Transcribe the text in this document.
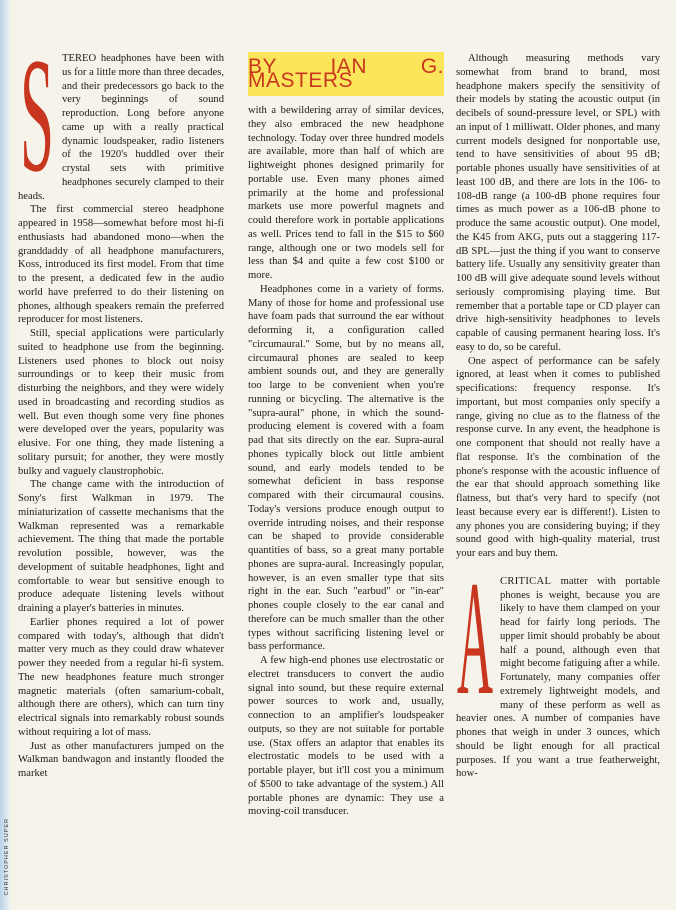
S TEREO headphones have been with us for a little more than three decades, and their predecessors go back to the very beginnings of sound reproduction. Long before anyone came up with a really practical dynamic loudspeaker, radio listeners of the 1920's huddled over their crystal sets with primitive headphones securely clamped to their heads.

The first commercial stereo headphone appeared in 1958—somewhat before most hi-fi enthusiasts had abandoned mono—when the granddaddy of all headphone manufacturers, Koss, introduced its first model. From that time to the present, a dedicated few in the audio world have preferred to do their listening on phones, although speakers remain the preferred reproducer for most listeners.

Still, special applications were particularly suited to headphone use from the beginning. Listeners used phones to block out noisy surroundings or to keep their music from disturbing the neighbors, and they were widely used in broadcasting and recording studios as well. But even though some very fine phones were developed over the years, popularity was elusive. For one thing, they made listening a solitary pursuit; for another, they were mostly bulky and vaguely claustrophobic.

The change came with the introduction of Sony's first Walkman in 1979. The miniaturization of cassette mechanisms that the Walkman represented was a remarkable achievement. The thing that made the portable revolution possible, however, was the development of suitable headphones, light and comfortable to wear but sensitive enough to produce adequate listening levels without draining a player's batteries in minutes.

Earlier phones required a lot of power compared with today's, although that didn't matter very much as they could draw whatever power they needed from a regular hi-fi system. The new headphones feature much stronger magnetic materials (often samarium-cobalt, although there are others), which can turn tiny electrical signals into remarkably robust sounds without requiring a lot of mass.

Just as other manufacturers jumped on the Walkman bandwagon and instantly flooded the market

CHRISTOPHER SUPER
BY IAN G. MASTERS

with a bewildering array of similar devices, they also embraced the new headphone technology. Today over three hundred models are available, more than half of which are lightweight phones designed primarily for portable use. Even many phones aimed primarily at the home and professional markets use more powerful magnets and could therefore work in portable applications as well. Prices tend to fall in the $15 to $60 range, although one or two models sell for less than $4 and quite a few cost $100 or more.

Headphones come in a variety of forms. Many of those for home and professional use have foam pads that surround the ear without deforming it, a configuration called "circumaural." Some, but by no means all, circumaural phones are sealed to keep ambient sounds out, and they are generally too large to be convenient when you're running or bicycling. The alternative is the "supra-aural" phone, in which the sound-producing element is covered with a foam pad that sits directly on the ear. Supra-aural phones typically block out little ambient sound, and early models tended to be somewhat deficient in bass response compared with their circumaural cousins. Today's versions produce enough output to override intruding noises, and their response can be shaped to provide considerable quantities of bass, so a great many portable phones are supra-aural. Increasingly popular, however, is an even smaller type that sits right in the ear. Such "earbud" or "in-ear" phones couple closely to the ear canal and therefore can be much smaller than the other types without sacrificing listening level or bass performance.

A few high-end phones use electrostatic or electret transducers to convert the audio signal into sound, but these require external power sources to work and, usually, connection to an amplifier's loudspeaker outputs, so they are not suitable for portable use. (Stax offers an adaptor that enables its electrostatic models to be used with a portable player, but it'll cost you a minimum of $500 to take advantage of the system.) All portable phones are dynamic: They use a moving-coil transducer.

Although measuring methods vary somewhat from brand to brand, most headphone makers specify the sensitivity of their models by stating the acoustic output (in decibels of sound-pressure level, or SPL) with an input of 1 milliwatt. Older phones, and many current models designed for nonportable use, tend to have sensitivities of about 95 dB; portable phones usually have sensitivities of at least 100 dB, and there are lots in the 106- to 108-dB range (a 100-dB phone requires four times as much power as a 106-dB phone to produce the same acoustic output). One model, the K45 from AKG, puts out a staggering 117-dB SPL—just the thing if you want to conserve battery life. Usually any sensitivity greater than 100 dB will give adequate sound levels without seriously compromising playing time. But remember that a portable tape or CD player can drive high-sensitivity headphones to levels capable of causing permanent hearing loss. It's easy to do, so be careful.

One aspect of performance can be safely ignored, at least when it comes to published specifications: frequency response. It's important, but most companies only specify a range, giving no clue as to the flatness of the response curve. In any event, the headphone is one component that should not really have a flat response. It's the combination of the phone's response with the acoustic influence of the ear that should approach something like flatness, but that's very hard to specify (not least because every ear is different!). Listen to any phones you are considering buying; if they sound good with high-quality material, trust your ears and buy them.

A CRITICAL matter with portable phones is weight, because you are likely to have them clamped on your head for fairly long periods. The upper limit should probably be about half a pound, although even that might become fatiguing after a while. Fortunately, many companies offer extremely lightweight models, and many of these perform as well as heavier ones. A number of companies have phones that weigh in under 3 ounces, which should be light enough for all practical purposes. If you want a true featherweight, how-
